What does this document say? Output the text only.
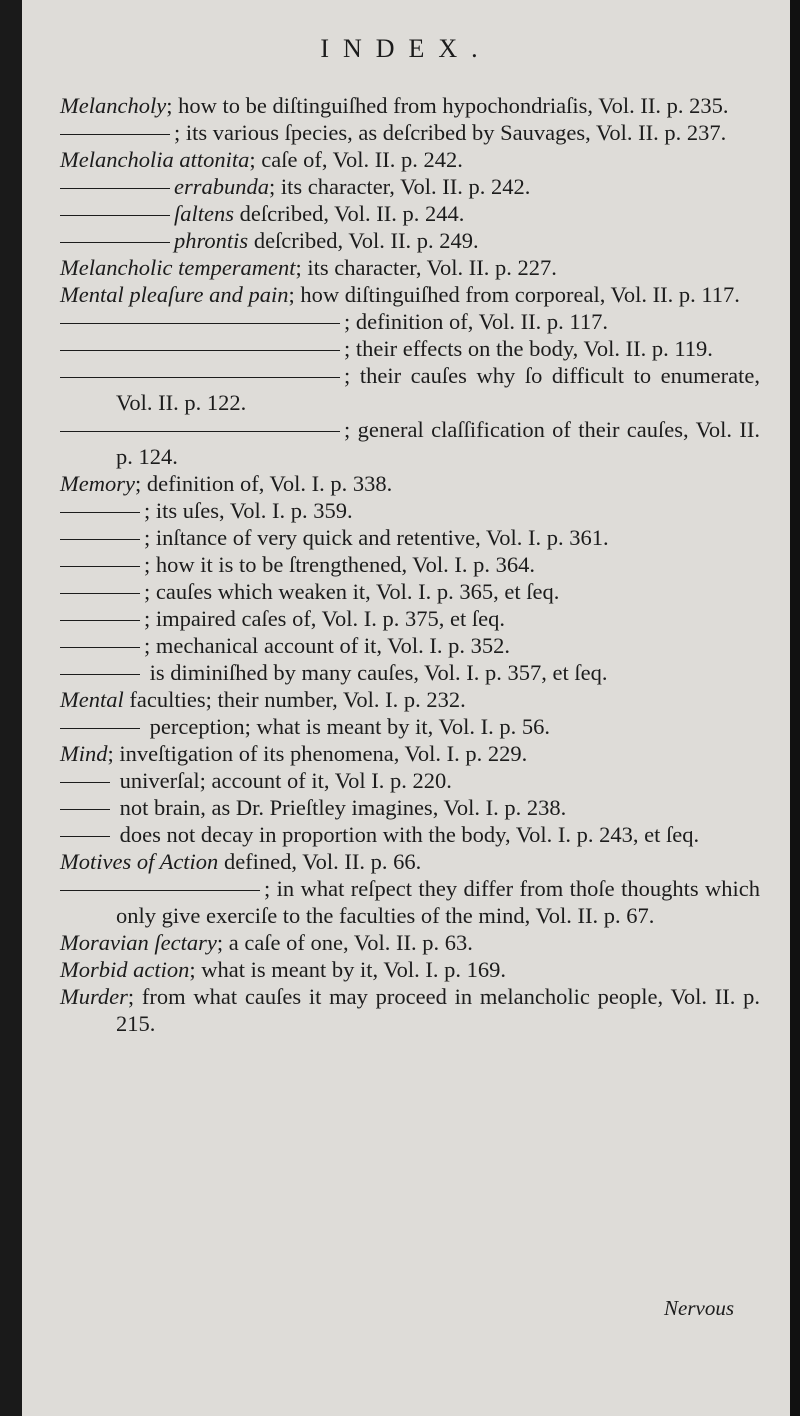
INDEX.
Melancholy; how to be diſtinguiſhed from hypochondriaſis, Vol. II. p. 235.
; its various ſpecies, as deſcribed by Sauvages, Vol. II. p. 237.
Melancholia attonita; caſe of, Vol. II. p. 242.
errabunda; its character, Vol. II. p. 242.
ſaltens deſcribed, Vol. II. p. 244.
phrontis deſcribed, Vol. II. p. 249.
Melancholic temperament; its character, Vol. II. p. 227.
Mental pleaſure and pain; how diſtinguiſhed from corporeal, Vol. II. p. 117.
; definition of, Vol. II. p. 117.
; their effects on the body, Vol. II. p. 119.
; their cauſes why ſo difficult to enumerate, Vol. II. p. 122.
; general claſſification of their cauſes, Vol. II. p. 124.
Memory; definition of, Vol. I. p. 338.
; its uſes, Vol. I. p. 359.
; inſtance of very quick and retentive, Vol. I. p. 361.
; how it is to be ſtrengthened, Vol. I. p. 364.
; cauſes which weaken it, Vol. I. p. 365, et ſeq.
; impaired caſes of, Vol. I. p. 375, et ſeq.
; mechanical account of it, Vol. I. p. 352.
is diminiſhed by many cauſes, Vol. I. p. 357, et ſeq.
Mental faculties; their number, Vol. I. p. 232.
perception; what is meant by it, Vol. I. p. 56.
Mind; inveſtigation of its phenomena, Vol. I. p. 229.
univerſal; account of it, Vol I. p. 220.
not brain, as Dr. Prieſtley imagines, Vol. I. p. 238.
does not decay in proportion with the body, Vol. I. p. 243, et ſeq.
Motives of Action defined, Vol. II. p. 66.
; in what reſpect they differ from thoſe thoughts which only give exerciſe to the faculties of the mind, Vol. II. p. 67.
Moravian ſectary; a caſe of one, Vol. II. p. 63.
Morbid action; what is meant by it, Vol. I. p. 169.
Murder; from what cauſes it may proceed in melancholic people, Vol. II. p. 215.
Nervous
